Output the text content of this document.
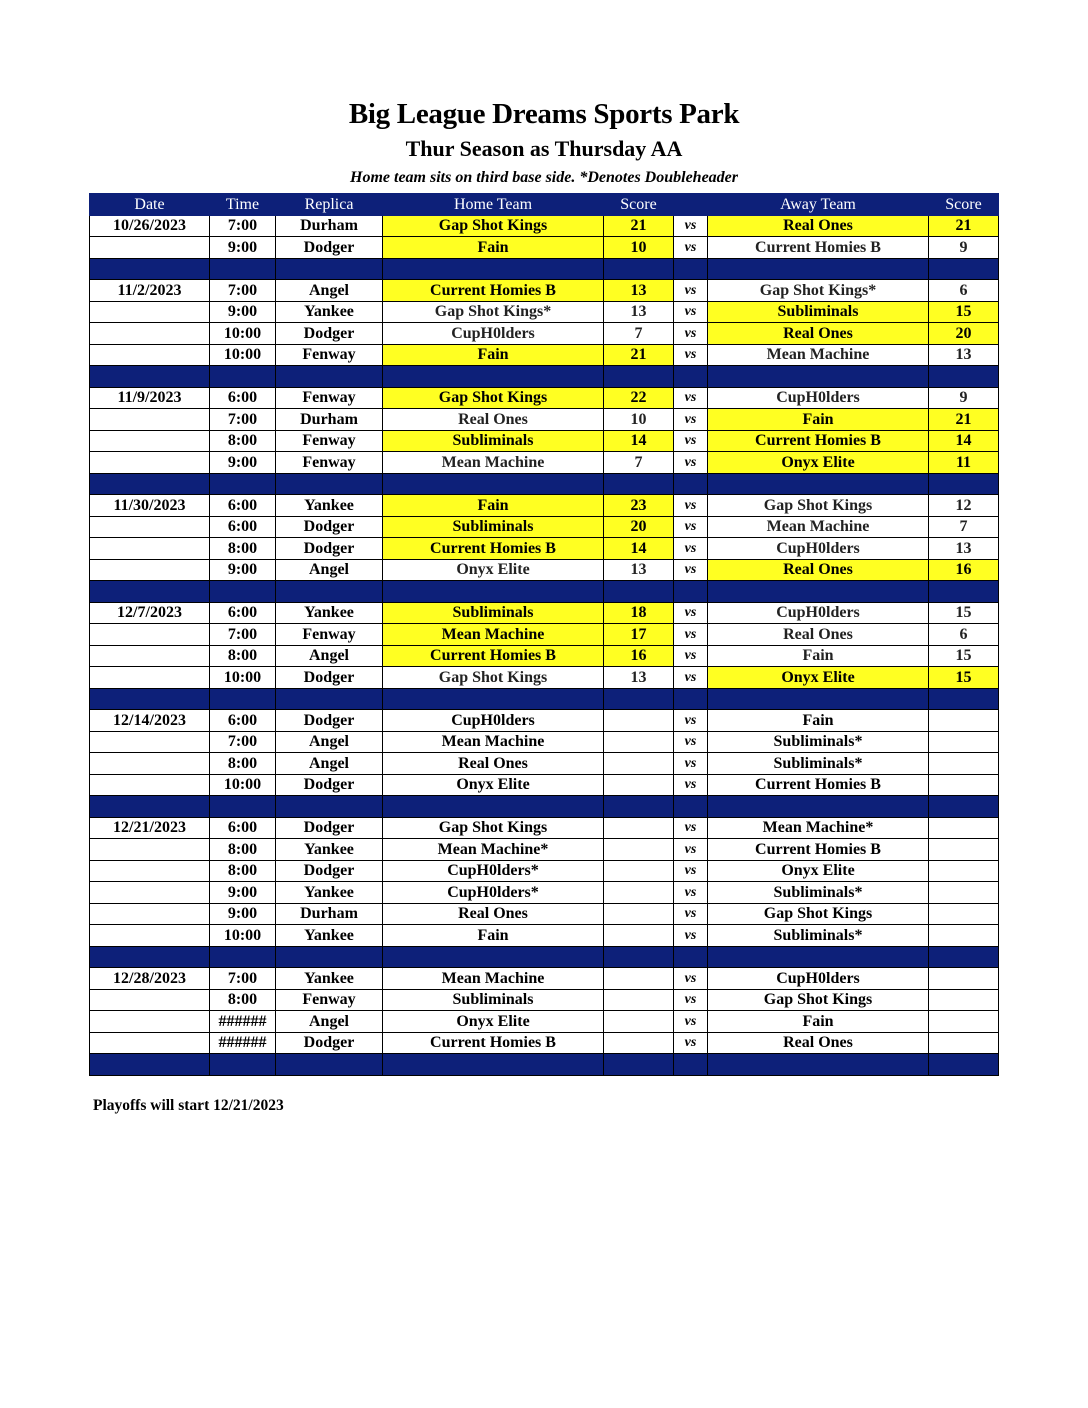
Big League Dreams Sports Park
Thur Season as Thursday AA
Home team sits on third base side. *Denotes Doubleheader
Date	Time	Replica	Home Team	Score		Away Team	Score
10/26/2023	7:00	Durham	Gap Shot Kings	21	vs	Real Ones	21
	9:00	Dodger	Fain	10	vs	Current Homies B	9

11/2/2023	7:00	Angel	Current Homies B	13	vs	Gap Shot Kings*	6
	9:00	Yankee	Gap Shot Kings*	13	vs	Subliminals	15
	10:00	Dodger	CupH0lders	7	vs	Real Ones	20
	10:00	Fenway	Fain	21	vs	Mean Machine	13

11/9/2023	6:00	Fenway	Gap Shot Kings	22	vs	CupH0lders	9
	7:00	Durham	Real Ones	10	vs	Fain	21
	8:00	Fenway	Subliminals	14	vs	Current Homies B	14
	9:00	Fenway	Mean Machine	7	vs	Onyx Elite	11

11/30/2023	6:00	Yankee	Fain	23	vs	Gap Shot Kings	12
	6:00	Dodger	Subliminals	20	vs	Mean Machine	7
	8:00	Dodger	Current Homies B	14	vs	CupH0lders	13
	9:00	Angel	Onyx Elite	13	vs	Real Ones	16

12/7/2023	6:00	Yankee	Subliminals	18	vs	CupH0lders	15
	7:00	Fenway	Mean Machine	17	vs	Real Ones	6
	8:00	Angel	Current Homies B	16	vs	Fain	15
	10:00	Dodger	Gap Shot Kings	13	vs	Onyx Elite	15

12/14/2023	6:00	Dodger	CupH0lders		vs	Fain	
	7:00	Angel	Mean Machine		vs	Subliminals*	
	8:00	Angel	Real Ones		vs	Subliminals*	
	10:00	Dodger	Onyx Elite		vs	Current Homies B	

12/21/2023	6:00	Dodger	Gap Shot Kings		vs	Mean Machine*	
	8:00	Yankee	Mean Machine*		vs	Current Homies B	
	8:00	Dodger	CupH0lders*		vs	Onyx Elite	
	9:00	Yankee	CupH0lders*		vs	Subliminals*	
	9:00	Durham	Real Ones		vs	Gap Shot Kings	
	10:00	Yankee	Fain		vs	Subliminals*	

12/28/2023	7:00	Yankee	Mean Machine		vs	CupH0lders	
	8:00	Fenway	Subliminals		vs	Gap Shot Kings	
	######	Angel	Onyx Elite		vs	Fain	
	######	Dodger	Current Homies B		vs	Real Ones	

Playoffs will start 12/21/2023
